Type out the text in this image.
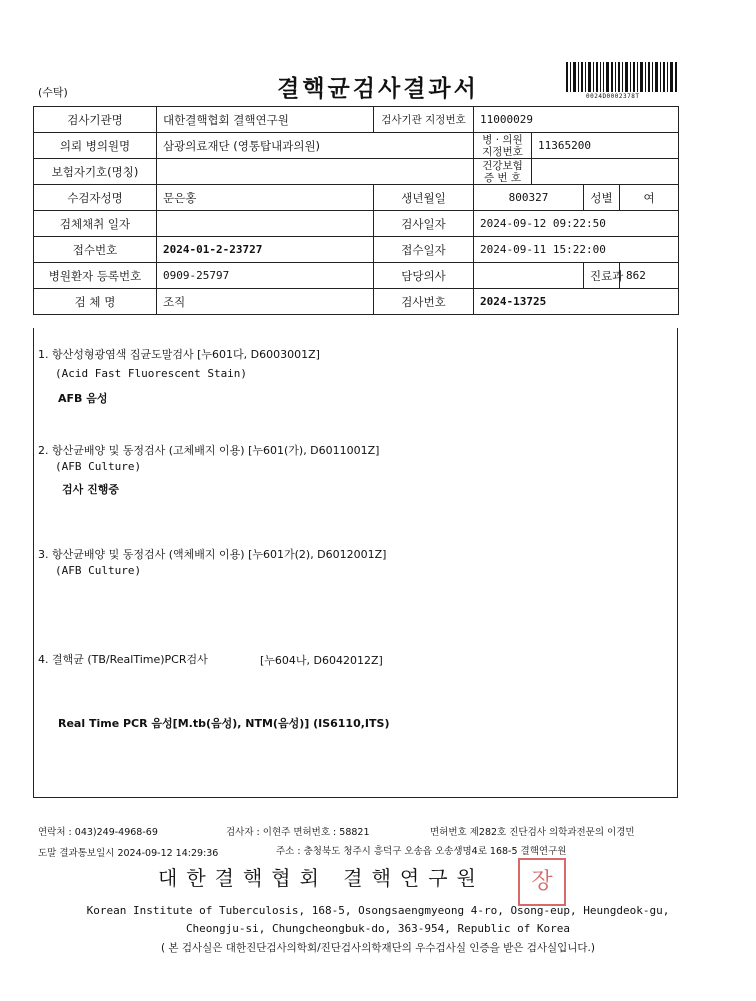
(수탁)	결핵균검사결과서	0024D0002378T
검사기관명	대한결핵협회 결핵연구원	검사기관 지정번호	11000029			
의뢰 병의원명	삼광의료재단 (영통탑내과의원)		병 · 의원 지정번호	11365200		
보험자기호(명칭)			건강보험 증 번 호			
수검자성명	문은홍	생년월일	800327		성별	여
검체채취 일자		검사일자	2024-09-12 09:22:50			
접수번호	2024-01-2-23727	접수일자	2024-09-11 15:22:00			
병원환자 등록번호	0909-25797	담당의사			진료과	862
검 체 명	조직	검사번호	2024-13725			
1. 항산성형광염색 집균도말검사 [누601다, D6003001Z]
(Acid Fast Fluorescent Stain)
AFB 음성
2. 항산균배양 및 동정검사 (고체배지 이용) [누601(가), D6011001Z]
(AFB Culture)
검사 진행중
3. 항산균배양 및 동정검사 (액체배지 이용) [누601가(2), D6012001Z]
(AFB Culture)
4. 결핵균 (TB/RealTime)PCR검사	[누604나, D6042012Z]
Real Time PCR 음성[M.tb(음성), NTM(음성)] (IS6110,ITS)
연락처 : 043)249-4968-69	검사자 : 이현주 면허번호 : 58821	면허번호 제282호 진단검사 의학과전문의 이경민
도말 결과통보일시 2024-09-12 14:29:36	주소 : 충청북도 청주시 흥덕구 오송읍 오송생명4로 168-5 결핵연구원
대한결핵협회 결핵연구원	장
Korean Institute of Tuberculosis, 168-5, Osongsaengmyeong 4-ro, Osong-eup, Heungdeok-gu,
Cheongju-si, Chungcheongbuk-do, 363-954, Republic of Korea
( 본 검사실은 대한진단검사의학회/진단검사의학재단의 우수검사실 인증을 받은 검사실입니다.)
